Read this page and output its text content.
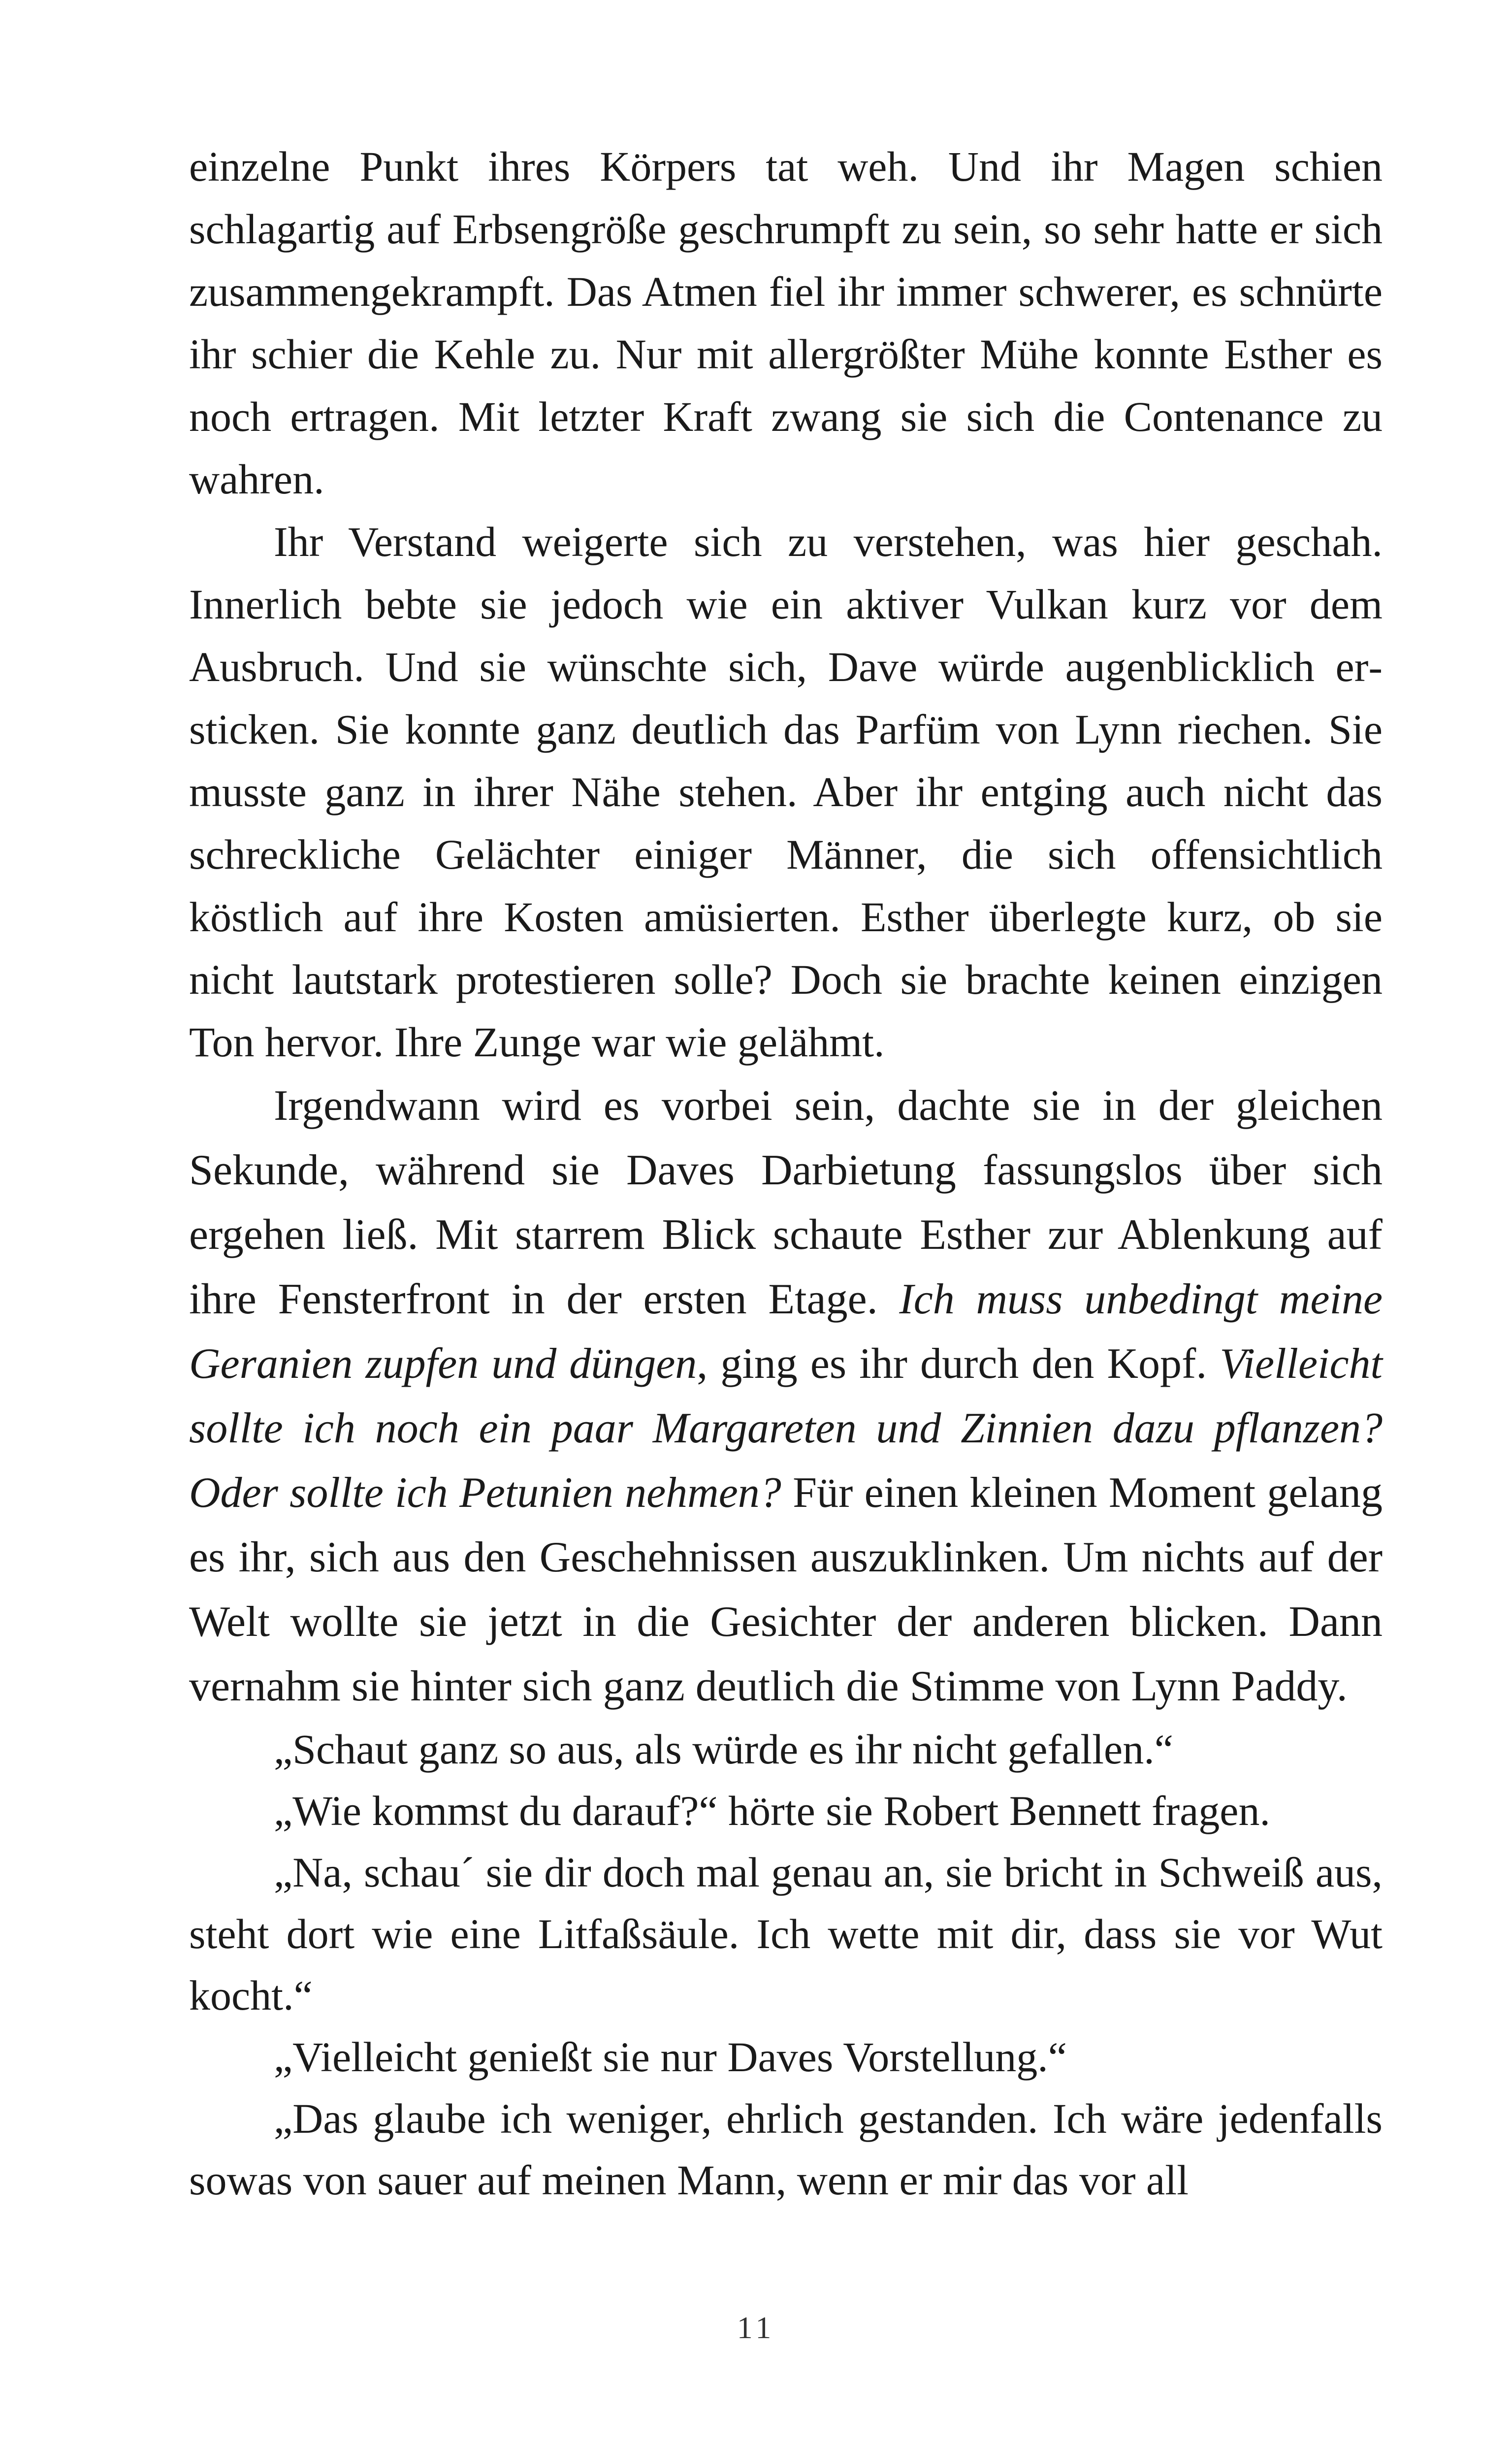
einzelne Punkt ihres Körpers tat weh. Und ihr Magen schien schlagartig auf Erbsengröße geschrumpft zu sein, so sehr hatte er sich zusammengekrampft. Das Atmen fiel ihr immer schwerer, es schnürte ihr schier die Kehle zu. Nur mit allergrößter Mühe konnte Esther es noch ertragen. Mit letzter Kraft zwang sie sich die Contenance zu wahren.

Ihr Verstand weigerte sich zu verstehen, was hier geschah. Innerlich bebte sie jedoch wie ein aktiver Vulkan kurz vor dem Ausbruch. Und sie wünschte sich, Dave würde augenblicklich ersticken. Sie konnte ganz deutlich das Parfüm von Lynn riechen. Sie musste ganz in ihrer Nähe stehen. Aber ihr entging auch nicht das schreckliche Gelächter einiger Männer, die sich offensichtlich köstlich auf ihre Kosten amüsierten. Esther überlegte kurz, ob sie nicht lautstark protestieren solle? Doch sie brachte keinen einzigen Ton hervor. Ihre Zunge war wie gelähmt.

Irgendwann wird es vorbei sein, dachte sie in der gleichen Sekunde, während sie Daves Darbietung fassungslos über sich ergehen ließ. Mit starrem Blick schaute Esther zur Ablenkung auf ihre Fensterfront in der ersten Etage. Ich muss unbedingt meine Geranien zupfen und düngen, ging es ihr durch den Kopf. Vielleicht sollte ich noch ein paar Margareten und Zinnien dazu pflanzen? Oder sollte ich Petunien nehmen? Für einen kleinen Moment gelang es ihr, sich aus den Geschehnissen auszuklinken. Um nichts auf der Welt wollte sie jetzt in die Gesichter der anderen blicken. Dann vernahm sie hinter sich ganz deutlich die Stimme von Lynn Paddy.

„Schaut ganz so aus, als würde es ihr nicht gefallen.“

„Wie kommst du darauf?“ hörte sie Robert Bennett fragen.

„Na, schau´ sie dir doch mal genau an, sie bricht in Schweiß aus, steht dort wie eine Litfaßsäule. Ich wette mit dir, dass sie vor Wut kocht.“

„Vielleicht genießt sie nur Daves Vorstellung.“

„Das glaube ich weniger, ehrlich gestanden. Ich wäre jedenfalls sowas von sauer auf meinen Mann, wenn er mir das vor all

11
